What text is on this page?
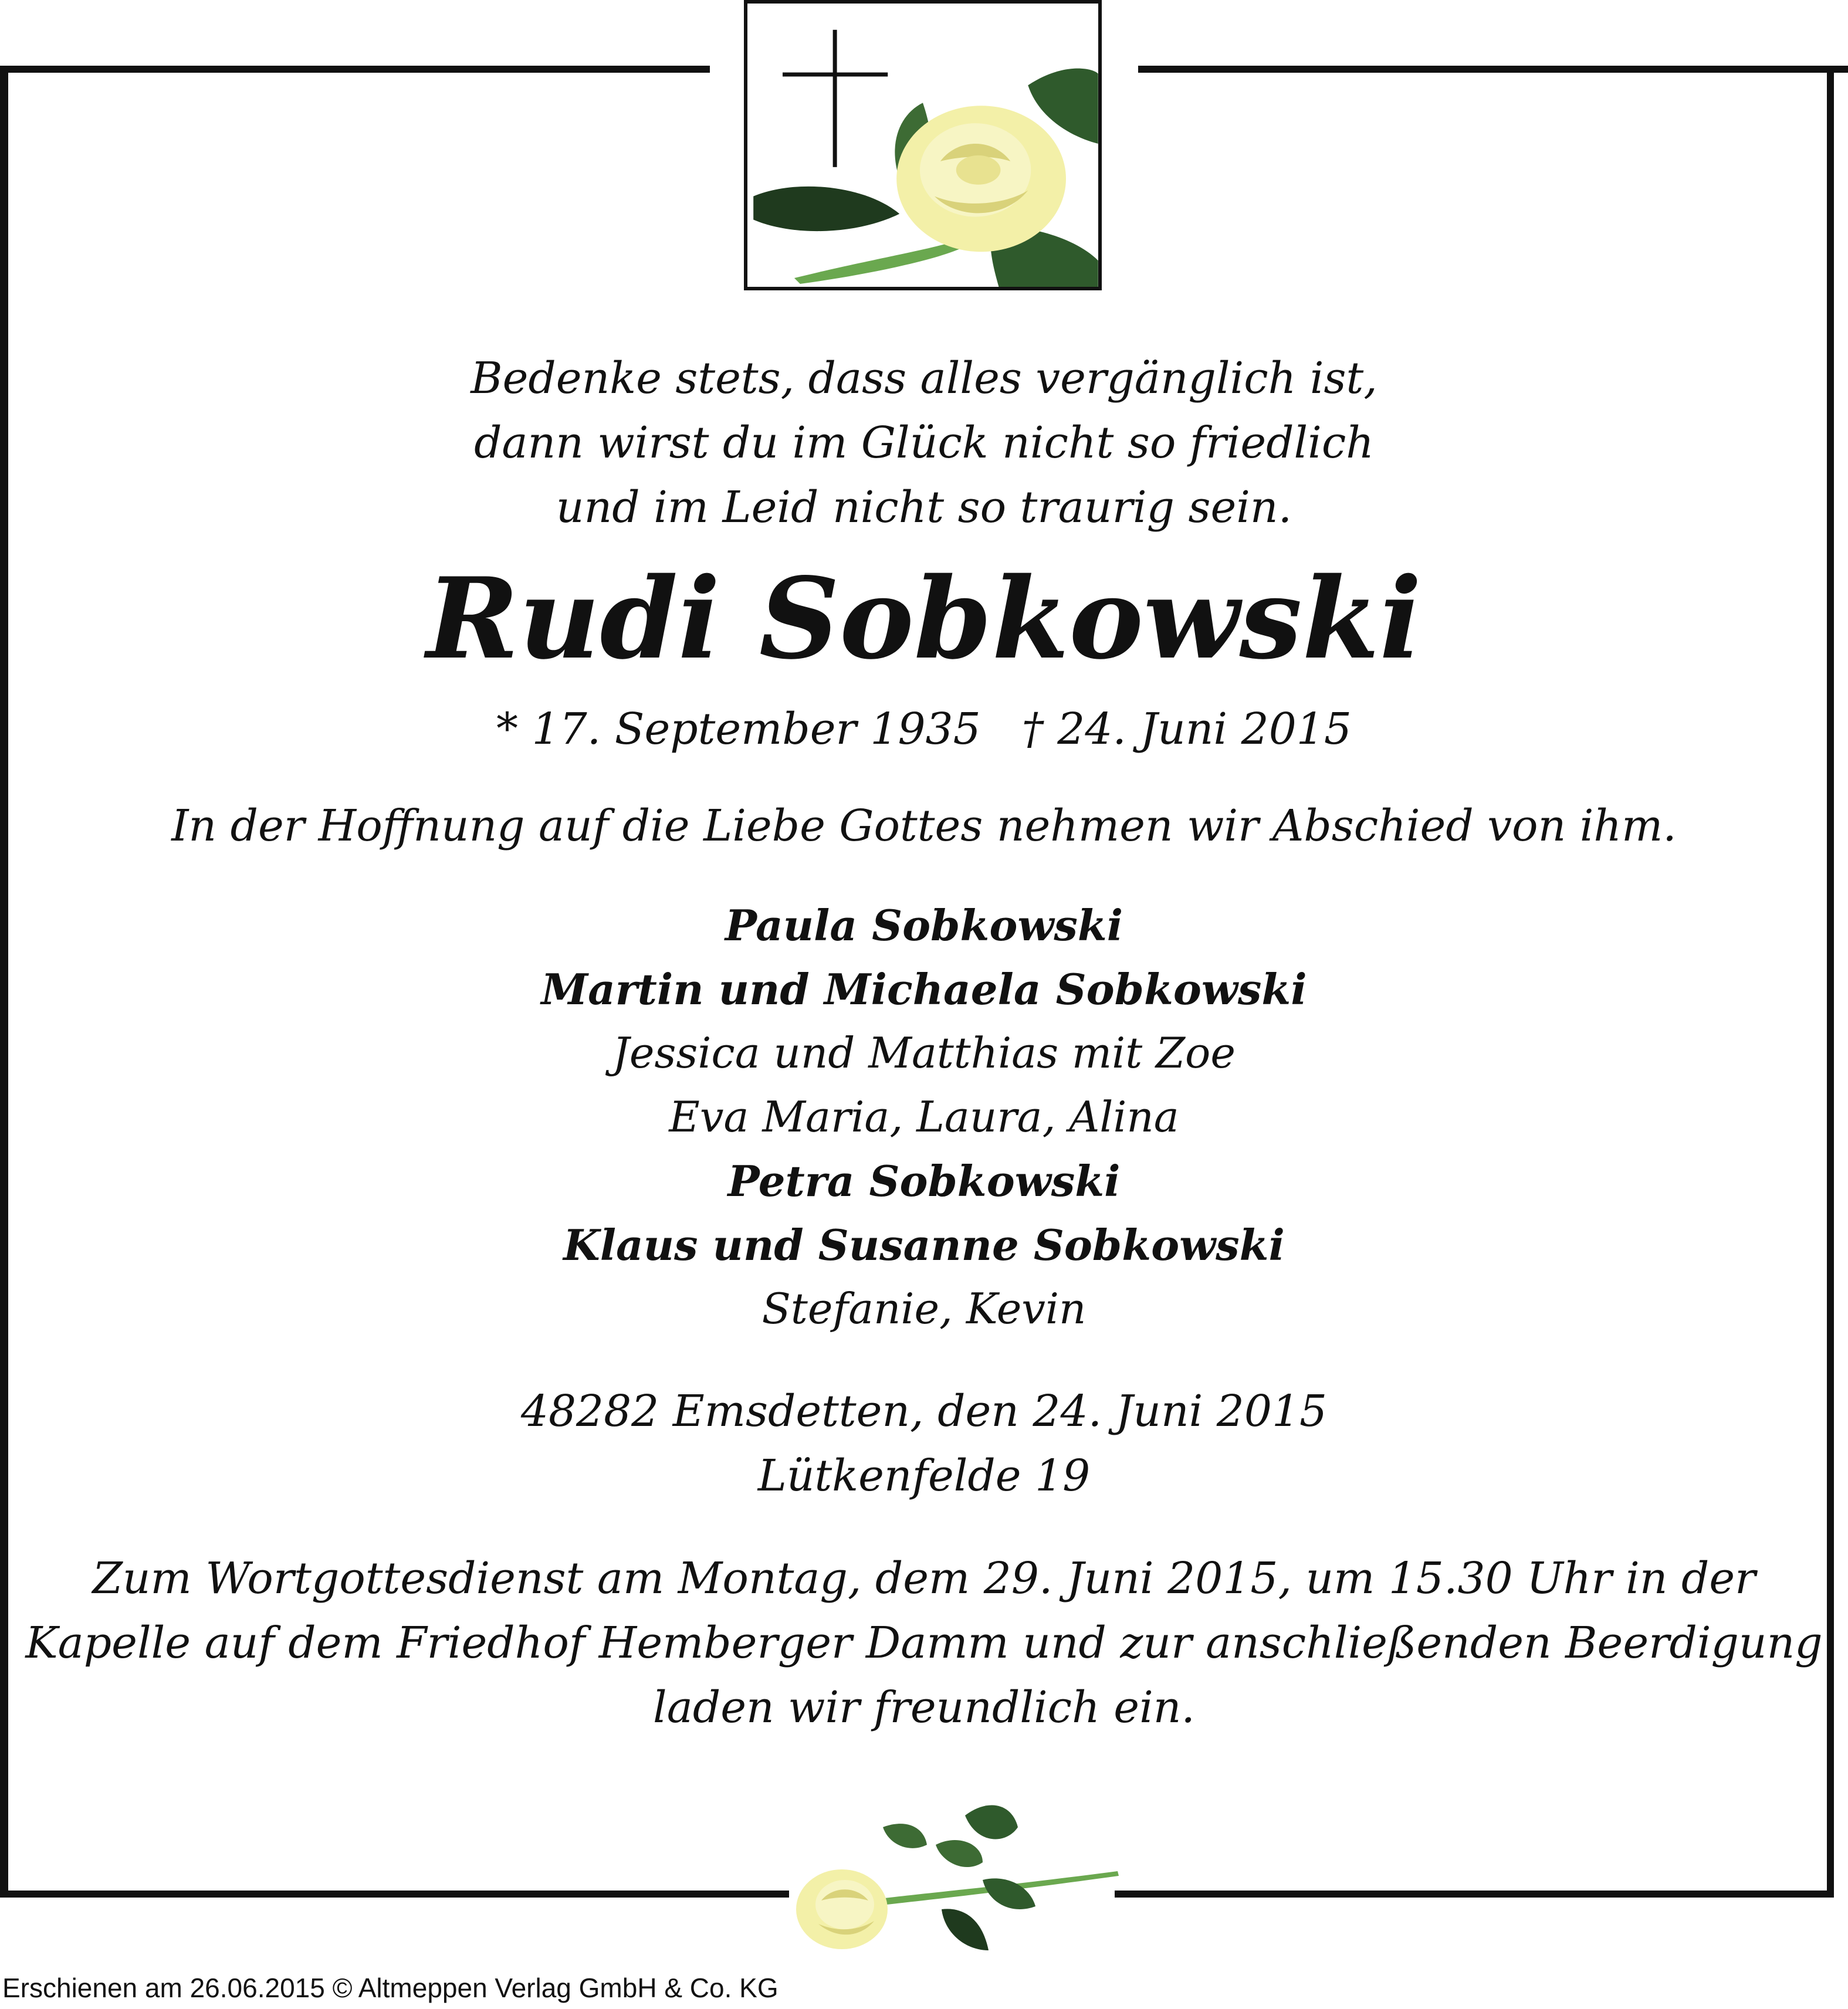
Bedenke stets, dass alles vergänglich ist,

dann wirst du im Glück nicht so friedlich

und im Leid nicht so traurig sein.

Rudi Sobkowski

* 17. September 1935 † 24. Juni 2015

In der Hoffnung auf die Liebe Gottes nehmen wir Abschied von ihm.

Paula Sobkowski

Martin und Michaela Sobkowski

Jessica und Matthias mit Zoe

Eva Maria, Laura, Alina

Petra Sobkowski

Klaus und Susanne Sobkowski

Stefanie, Kevin

48282 Emsdetten, den 24. Juni 2015

Lütkenfelde 19

Zum Wortgottesdienst am Montag, dem 29. Juni 2015, um 15.30 Uhr in der

Kapelle auf dem Friedhof Hemberger Damm und zur anschließenden Beerdigung

laden wir freundlich ein.

Erschienen am 26.06.2015 © Altmeppen Verlag GmbH & Co. KG
